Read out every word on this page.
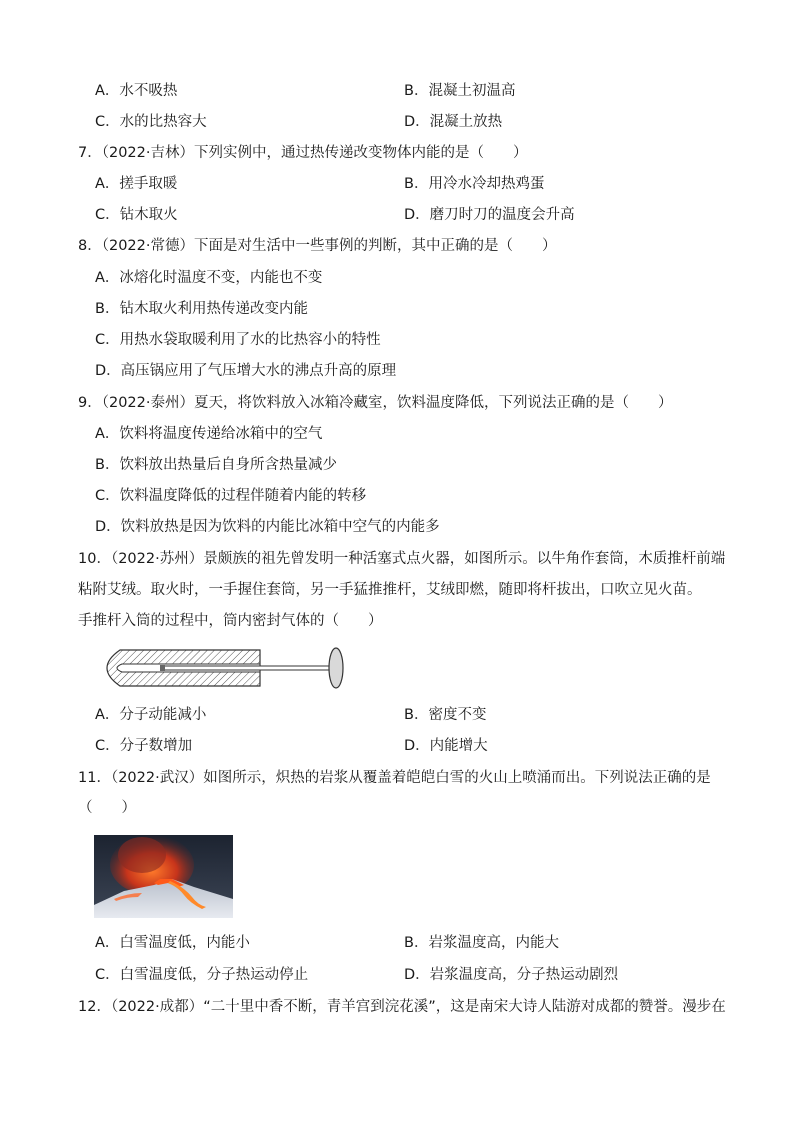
A．水不吸热	B．混凝土初温高
C．水的比热容大	D．混凝土放热
7．（2022·吉林）下列实例中，通过热传递改变物体内能的是（　　）
A．搓手取暖	B．用冷水冷却热鸡蛋
C．钻木取火	D．磨刀时刀的温度会升高
8．（2022·常德）下面是对生活中一些事例的判断，其中正确的是（　　）
A．冰熔化时温度不变，内能也不变
B．钻木取火利用热传递改变内能
C．用热水袋取暖利用了水的比热容小的特性
D．高压锅应用了气压增大水的沸点升高的原理
9．（2022·泰州）夏天，将饮料放入冰箱冷藏室，饮料温度降低，下列说法正确的是（　　）
A．饮料将温度传递给冰箱中的空气
B．饮料放出热量后自身所含热量减少
C．饮料温度降低的过程伴随着内能的转移
D．饮料放热是因为饮料的内能比冰箱中空气的内能多
10．（2022·苏州）景颇族的祖先曾发明一种活塞式点火器，如图所示。以牛角作套筒，木质推杆前端
粘附艾绒。取火时，一手握住套筒，另一手猛推推杆，艾绒即燃，随即将杆拔出，口吹立见火苗。
手推杆入筒的过程中，筒内密封气体的（　　）
A．分子动能减小	B．密度不变
C．分子数增加	D．内能增大
11．（2022·武汉）如图所示，炽热的岩浆从覆盖着皑皑白雪的火山上喷涌而出。下列说法正确的是
（　　）
A．白雪温度低，内能小	B．岩浆温度高，内能大
C．白雪温度低，分子热运动停止	D．岩浆温度高，分子热运动剧烈
12．（2022·成都）“二十里中香不断，青羊宫到浣花溪”，这是南宋大诗人陆游对成都的赞誉。漫步在
